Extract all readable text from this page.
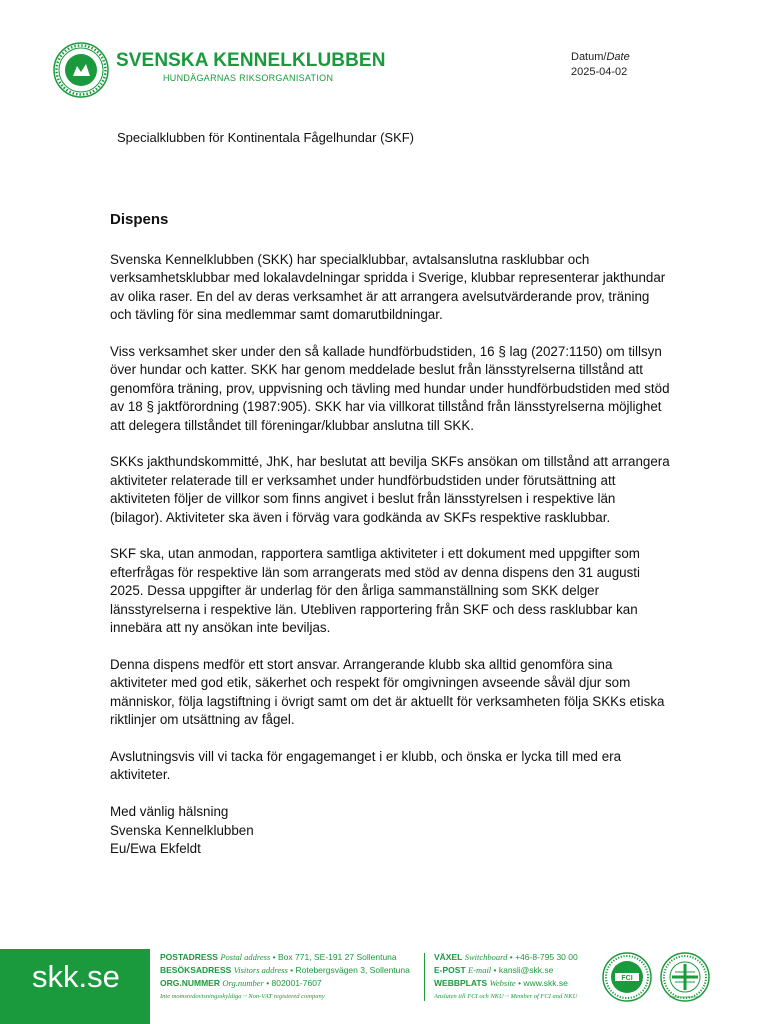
SVENSKA KENNELKLUBBEN
HUNDÄGARNAS RIKSORGANISATION
Datum/Date
2025-04-02
Specialklubben för Kontinentala Fågelhundar (SKF)
Dispens

Svenska Kennelklubben (SKK) har specialklubbar, avtalsanslutna rasklubbar och verksamhetsklubbar med lokalavdelningar spridda i Sverige, klubbar representerar jakthundar av olika raser. En del av deras verksamhet är att arrangera avelsutvärderande prov, träning och tävling för sina medlemmar samt domarutbildningar.

Viss verksamhet sker under den så kallade hundförbudstiden, 16 § lag (2027:1150) om tillsyn över hundar och katter. SKK har genom meddelade beslut från länsstyrelserna tillstånd att genomföra träning, prov, uppvisning och tävling med hundar under hundförbudstiden med stöd av 18 § jaktförordning (1987:905). SKK har via villkorat tillstånd från länsstyrelserna möjlighet att delegera tillståndet till föreningar/klubbar anslutna till SKK.

SKKs jakthundskommitté, JhK, har beslutat att bevilja SKFs ansökan om tillstånd att arrangera aktiviteter relaterade till er verksamhet under hundförbudstiden under förutsättning att aktiviteten följer de villkor som finns angivet i beslut från länsstyrelsen i respektive län (bilagor). Aktiviteter ska även i förväg vara godkända av SKFs respektive rasklubbar.

SKF ska, utan anmodan, rapportera samtliga aktiviteter i ett dokument med uppgifter som efterfrågas för respektive län som arrangerats med stöd av denna dispens den 31 augusti 2025. Dessa uppgifter är underlag för den årliga sammanställning som SKK delger länsstyrelserna i respektive län. Utebliven rapportering från SKF och dess rasklubbar kan innebära att ny ansökan inte beviljas.

Denna dispens medför ett stort ansvar. Arrangerande klubb ska alltid genomföra sina aktiviteter med god etik, säkerhet och respekt för omgivningen avseende såväl djur som människor, följa lagstiftning i övrigt samt om det är aktuellt för verksamheten följa SKKs etiska riktlinjer om utsättning av fågel.

Avslutningsvis vill vi tacka för engagemanget i er klubb, och önska er lycka till med era aktiviteter.

Med vänlig hälsning
Svenska Kennelklubben
Eu/Ewa Ekfeldt
skk.se
POSTADRESS Postal address • Box 771, SE-191 27 Sollentuna
BESÖKSADRESS Visitors address • Rotebergsvägen 3, Sollentuna
ORG.NUMMER Org.number • 802001-7607
Inte momsredovisningsskyldiga ~ Non-VAT registered company
VÄXEL Switchboard • +46-8-795 30 00
E-POST E-mail • kansli@skk.se
WEBBPLATS Website • www.skk.se
Ansluten till FCI och NKU ~ Member of FCI and NKU
FCI
NORDISK KENNEL UNION
